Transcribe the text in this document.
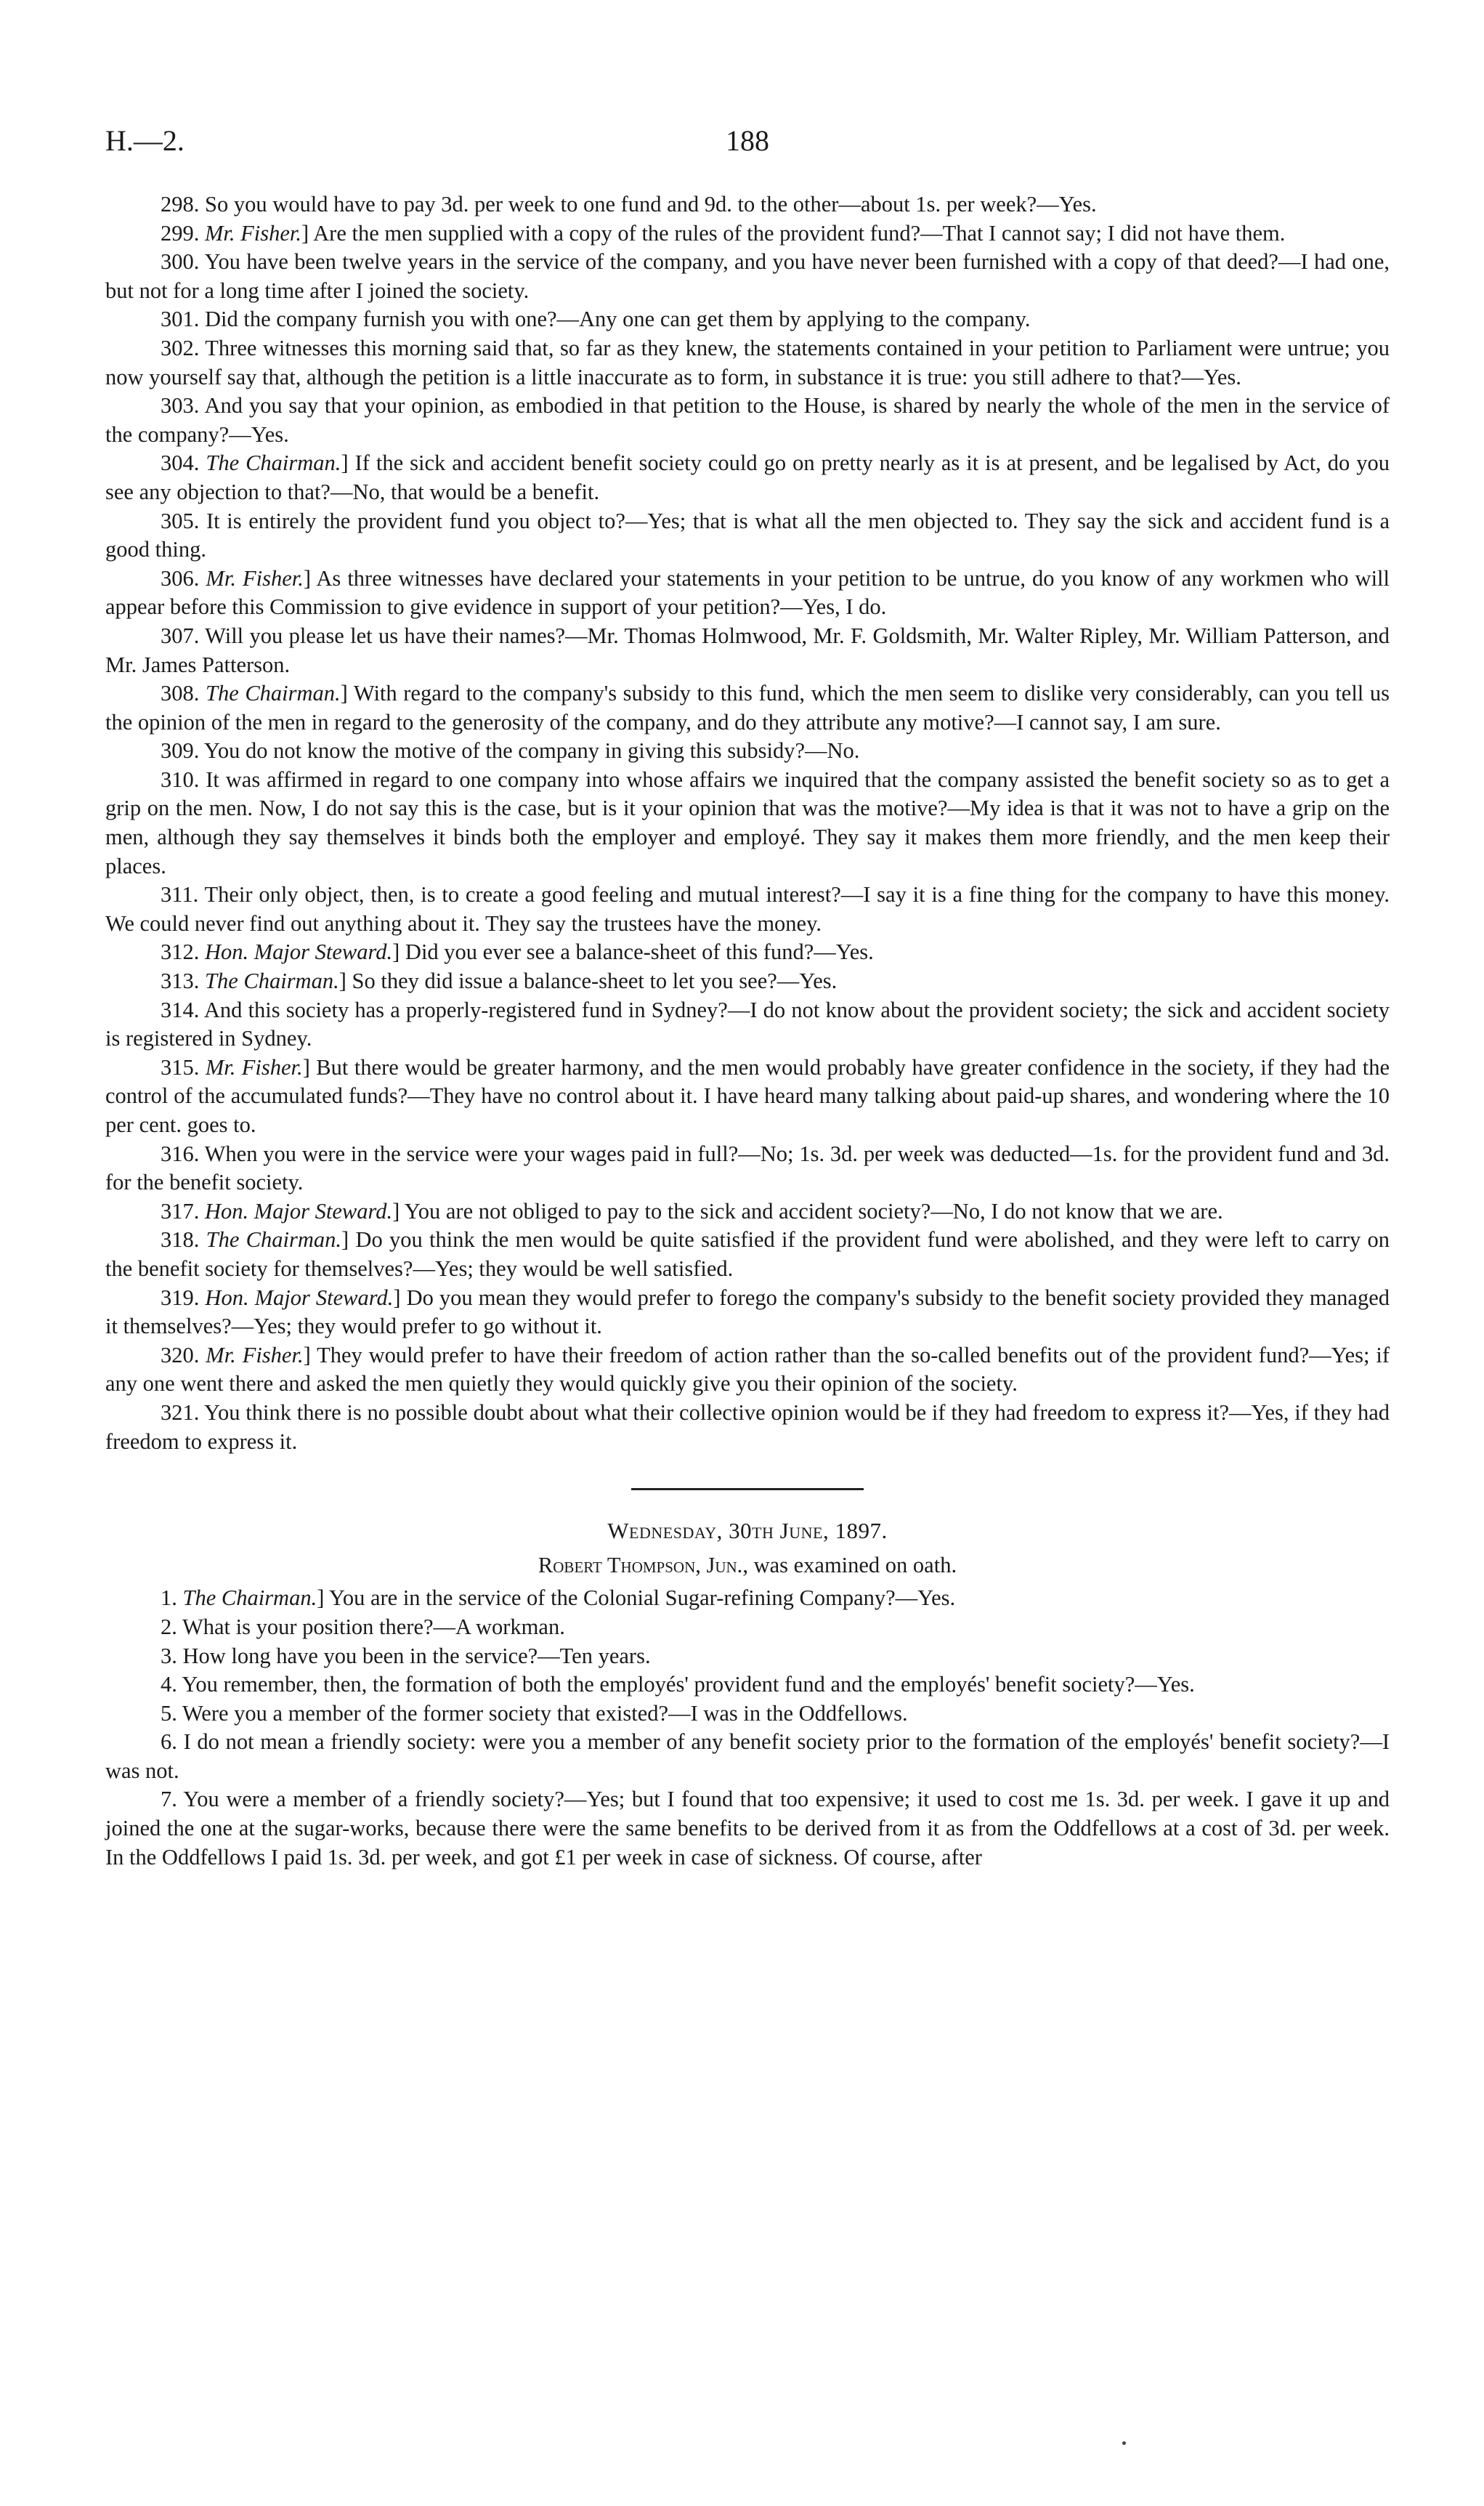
H.—2.	188

298. So you would have to pay 3d. per week to one fund and 9d. to the other—about 1s. per week?—Yes.

299. Mr. Fisher.] Are the men supplied with a copy of the rules of the provident fund?—That I cannot say; I did not have them.

300. You have been twelve years in the service of the company, and you have never been furnished with a copy of that deed?—I had one, but not for a long time after I joined the society.

301. Did the company furnish you with one?—Any one can get them by applying to the company.

302. Three witnesses this morning said that, so far as they knew, the statements contained in your petition to Parliament were untrue; you now yourself say that, although the petition is a little inaccurate as to form, in substance it is true: you still adhere to that?—Yes.

303. And you say that your opinion, as embodied in that petition to the House, is shared by nearly the whole of the men in the service of the company?—Yes.

304. The Chairman.] If the sick and accident benefit society could go on pretty nearly as it is at present, and be legalised by Act, do you see any objection to that?—No, that would be a benefit.

305. It is entirely the provident fund you object to?—Yes; that is what all the men objected to. They say the sick and accident fund is a good thing.

306. Mr. Fisher.] As three witnesses have declared your statements in your petition to be untrue, do you know of any workmen who will appear before this Commission to give evidence in support of your petition?—Yes, I do.

307. Will you please let us have their names?—Mr. Thomas Holmwood, Mr. F. Goldsmith, Mr. Walter Ripley, Mr. William Patterson, and Mr. James Patterson.

308. The Chairman.] With regard to the company's subsidy to this fund, which the men seem to dislike very considerably, can you tell us the opinion of the men in regard to the generosity of the company, and do they attribute any motive?—I cannot say, I am sure.

309. You do not know the motive of the company in giving this subsidy?—No.

310. It was affirmed in regard to one company into whose affairs we inquired that the company assisted the benefit society so as to get a grip on the men. Now, I do not say this is the case, but is it your opinion that was the motive?—My idea is that it was not to have a grip on the men, although they say themselves it binds both the employer and employé. They say it makes them more friendly, and the men keep their places.

311. Their only object, then, is to create a good feeling and mutual interest?—I say it is a fine thing for the company to have this money. We could never find out anything about it. They say the trustees have the money.

312. Hon. Major Steward.] Did you ever see a balance-sheet of this fund?—Yes.

313. The Chairman.] So they did issue a balance-sheet to let you see?—Yes.

314. And this society has a properly-registered fund in Sydney?—I do not know about the provident society; the sick and accident society is registered in Sydney.

315. Mr. Fisher.] But there would be greater harmony, and the men would probably have greater confidence in the society, if they had the control of the accumulated funds?—They have no control about it. I have heard many talking about paid-up shares, and wondering where the 10 per cent. goes to.

316. When you were in the service were your wages paid in full?—No; 1s. 3d. per week was deducted—1s. for the provident fund and 3d. for the benefit society.

317. Hon. Major Steward.] You are not obliged to pay to the sick and accident society?—No, I do not know that we are.

318. The Chairman.] Do you think the men would be quite satisfied if the provident fund were abolished, and they were left to carry on the benefit society for themselves?—Yes; they would be well satisfied.

319. Hon. Major Steward.] Do you mean they would prefer to forego the company's subsidy to the benefit society provided they managed it themselves?—Yes; they would prefer to go without it.

320. Mr. Fisher.] They would prefer to have their freedom of action rather than the so-called benefits out of the provident fund?—Yes; if any one went there and asked the men quietly they would quickly give you their opinion of the society.

321. You think there is no possible doubt about what their collective opinion would be if they had freedom to express it?—Yes, if they had freedom to express it.

Wednesday, 30th June, 1897.

Robert Thompson, Jun., was examined on oath.

1. The Chairman.] You are in the service of the Colonial Sugar-refining Company?—Yes.

2. What is your position there?—A workman.

3. How long have you been in the service?—Ten years.

4. You remember, then, the formation of both the employés' provident fund and the employés' benefit society?—Yes.

5. Were you a member of the former society that existed?—I was in the Oddfellows.

6. I do not mean a friendly society: were you a member of any benefit society prior to the formation of the employés' benefit society?—I was not.

7. You were a member of a friendly society?—Yes; but I found that too expensive; it used to cost me 1s. 3d. per week. I gave it up and joined the one at the sugar-works, because there were the same benefits to be derived from it as from the Oddfellows at a cost of 3d. per week. In the Oddfellows I paid 1s. 3d. per week, and got £1 per week in case of sickness. Of course, after
